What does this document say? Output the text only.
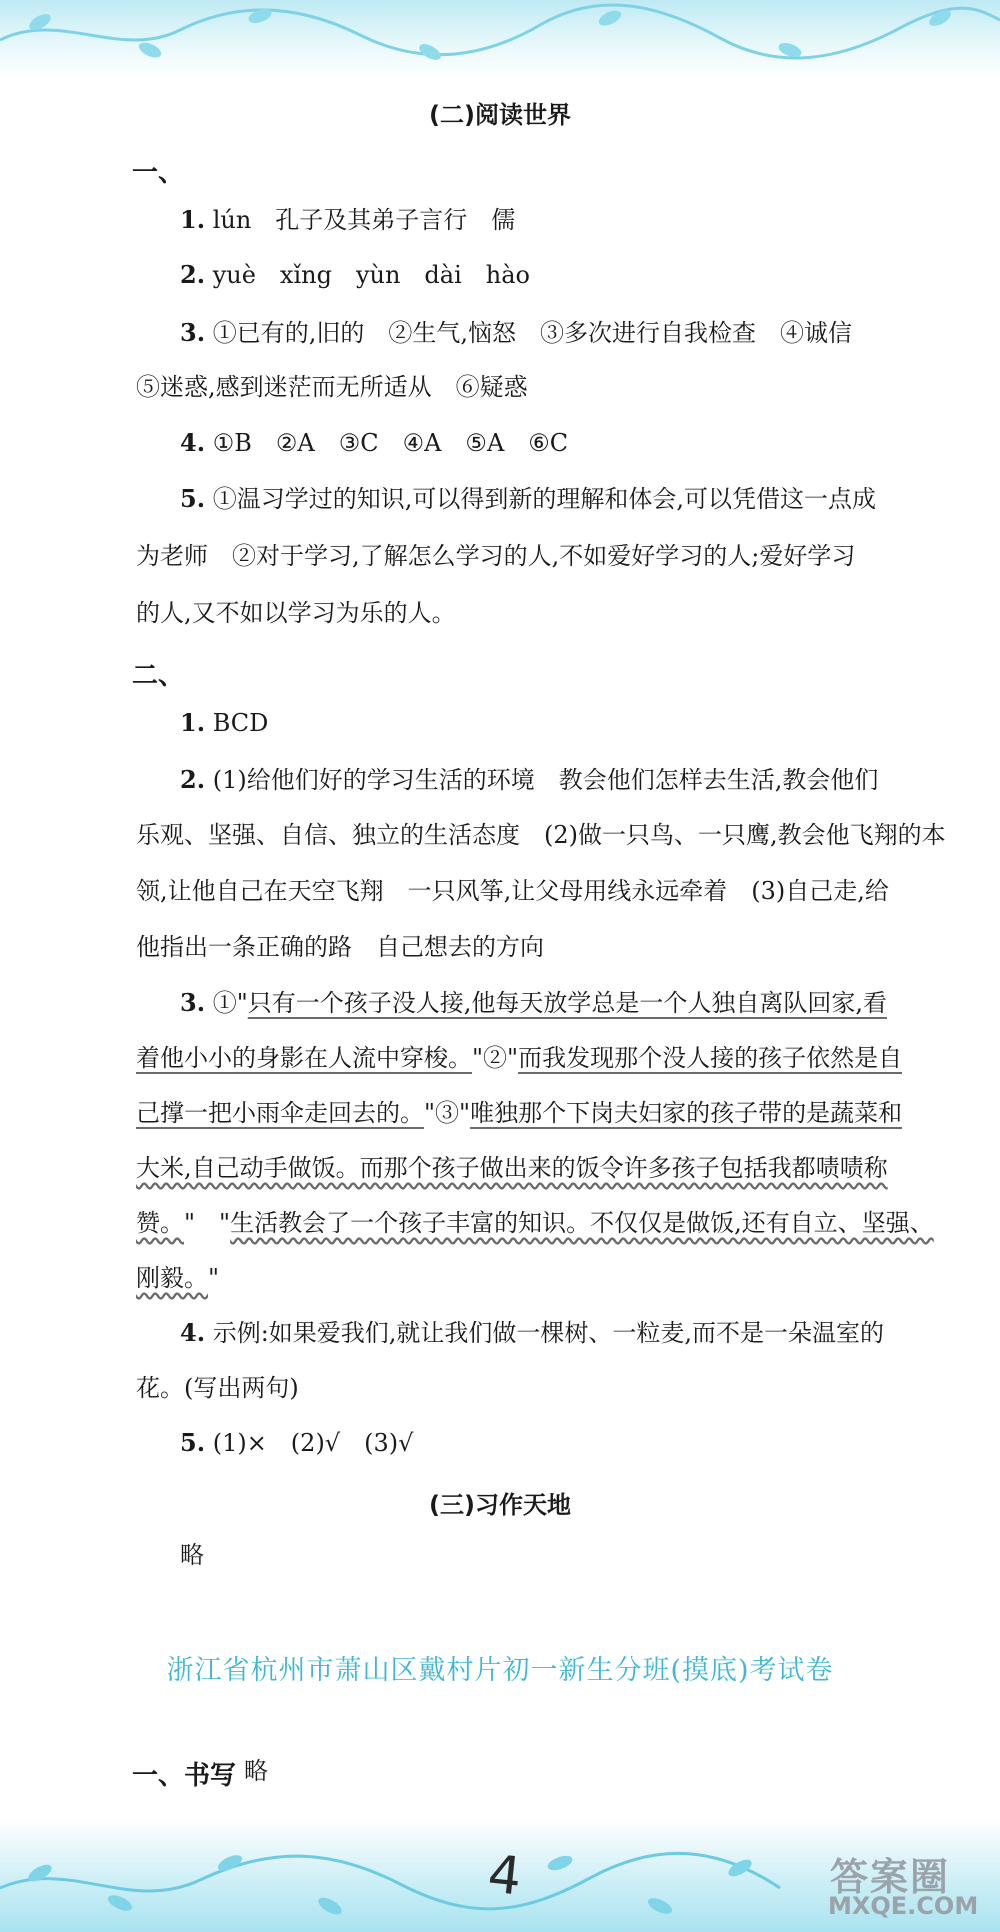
(二)阅读世界
一、
1. lún　孔子及其弟子言行　儒
2. yuè　xǐng　yùn　dài　hào
3. ①已有的,旧的　②生气,恼怒　③多次进行自我检查　④诚信
⑤迷惑,感到迷茫而无所适从　⑥疑惑
4. ①B　②A　③C　④A　⑤A　⑥C
5. ①温习学过的知识,可以得到新的理解和体会,可以凭借这一点成
为老师　②对于学习,了解怎么学习的人,不如爱好学习的人;爱好学习
的人,又不如以学习为乐的人。
二、
1. BCD
2. (1)给他们好的学习生活的环境　教会他们怎样去生活,教会他们
乐观、坚强、自信、独立的生活态度　(2)做一只鸟、一只鹰,教会他飞翔的本
领,让他自己在天空飞翔　一只风筝,让父母用线永远牵着　(3)自己走,给
他指出一条正确的路　自己想去的方向
3. ①"只有一个孩子没人接,他每天放学总是一个人独自离队回家,看
着他小小的身影在人流中穿梭。"②"而我发现那个没人接的孩子依然是自
己撑一把小雨伞走回去的。"③"唯独那个下岗夫妇家的孩子带的是蔬菜和
大米,自己动手做饭。而那个孩子做出来的饭令许多孩子包括我都啧啧称
赞。"　"生活教会了一个孩子丰富的知识。不仅仅是做饭,还有自立、坚强、
刚毅。"
4. 示例:如果爱我们,就让我们做一棵树、一粒麦,而不是一朵温室的
花。(写出两句)
5. (1)×　(2)√　(3)√
(三)习作天地
略
浙江省杭州市萧山区戴村片初一新生分班(摸底)考试卷
一、书写 略
4	答案圈
MXQE.COM
